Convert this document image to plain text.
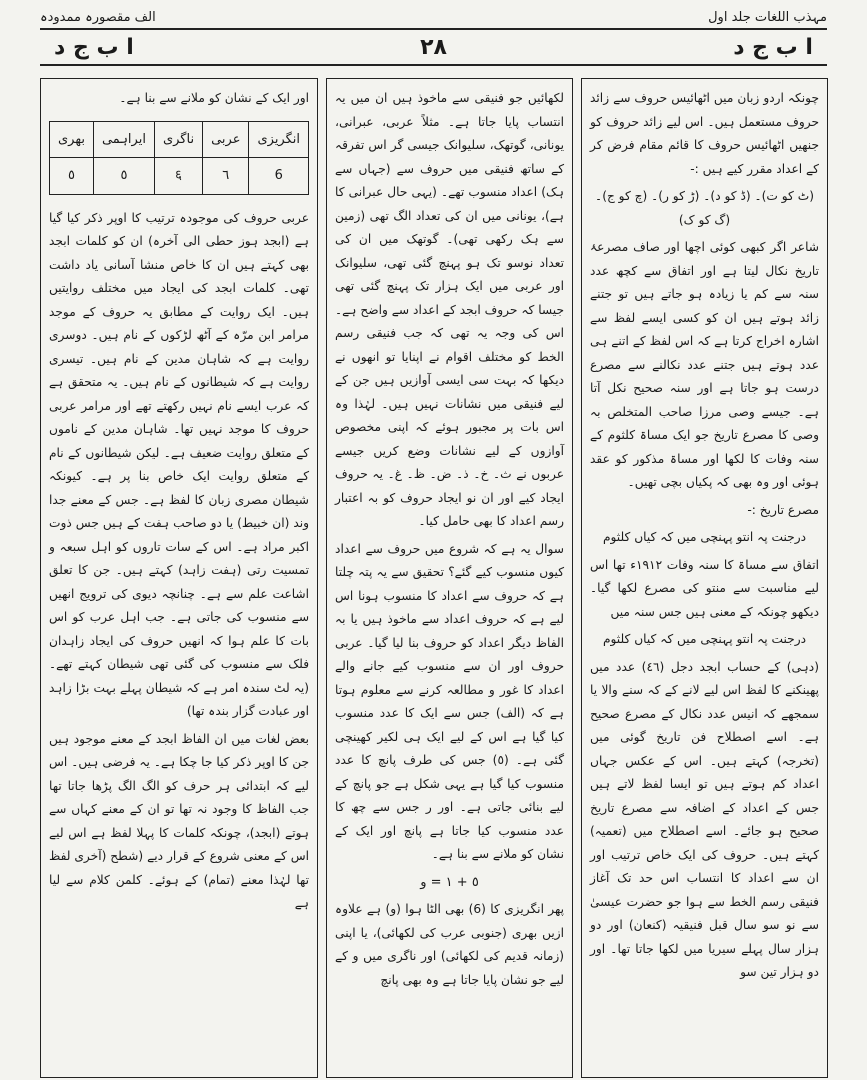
الف مقصورہ ممدودہ	مہذب اللغات جلد اول
ا ب ج د	٢٨	ا ب ج د

چونکہ اردو زبان میں اٹھائیس حروف سے زائد حروف مستعمل ہیں۔ اس لیے زائد حروف کو جنھیں اٹھائیس حروف کا قائم مقام فرض کر کے اعداد مقرر کیے ہیں :-

(ٹ کو ت)۔ (ڈ کو د)۔ (ڑ کو ر)۔ (چ کو ج)۔ (گ کو ک)

شاعر اگر کبھی کوئی اچھا اور صاف مصرعۂ تاریخ نکال لیتا ہے اور اتفاق سے کچھ عدد سنہ سے کم یا زیادہ ہو جاتے ہیں تو جتنے زائد ہوتے ہیں ان کو کسی ایسے لفظ سے اشارہ اخراج کرتا ہے کہ اس لفظ کے اتنے ہی عدد ہوتے ہیں جتنے عدد نکالنے سے مصرع درست ہو جاتا ہے اور سنہ صحیح نکل آتا ہے۔ جیسے وصی مرزا صاحب المتخلص بہ وصی کا مصرع تاریخ جو ایک مساۃ کلثوم کے سنہ وفات کا لکھا اور مساۃ مذکور کو عقد ہوئی اور وہ بھی کہ پکیاں بچی تھیں۔

مصرع تاریخ :-

درجنت پہ انتو پہنچی میں کہ کیاں کلثوم

اتفاق سے مساۃ کا سنہ وفات ١٩١٢ء تھا اس لیے مناسبت سے منتو کی مصرع لکھا گیا۔ دیکھو چونکہ کے معنی ہیں جس سنہ میں

درجنت پہ انتو پہنچی میں کہ کیاں کلثوم

(دہی) کے حساب ابجد دجل (٤٦) عدد میں پھینکنے کا لفظ اس لیے لانے کے کہ سنے والا یا سمجھے کہ انیس عدد نکال کے مصرع صحیح ہے۔ اسے اصطلاح فن تاریخ گوئی میں (تخرجہ) کہتے ہیں۔ اس کے عکس جہاں اعداد کم ہوتے ہیں تو ایسا لفظ لاتے ہیں جس کے اعداد کے اضافہ سے مصرع تاریخ صحیح ہو جائے۔ اسے اصطلاح میں (تعمیہ) کہتے ہیں۔ حروف کی ایک خاص ترتیب اور ان سے اعداد کا انتساب اس حد تک آغاز فنیقی رسم الخط سے ہوا جو حضرت عیسیٰ سے نو سو سال قبل فنیقیہ (کنعان) اور دو ہزار سال پہلے سیریا میں لکھا جاتا تھا۔ اور دو ہزار تین سو

لکھائیں جو فنیقی سے ماخوذ ہیں ان میں یہ انتساب پایا جاتا ہے۔ مثلاً عربی، عبرانی، یونانی، گوتھک، سلیوانک جیسی گر اس تفرقہ کے ساتھ فنیقی میں حروف سے (جہاں سے ہک) اعداد منسوب تھے۔ (یہی حال عبرانی کا ہے)، یونانی میں ان کی تعداد الگ تھی (زمین سے ہک رکھی تھی)۔ گوتھک میں ان کی تعداد نوسو تک ہو پہنچ گئی تھی، سلیوانک اور عربی میں ایک ہزار تک پہنچ گئی تھی جیسا کہ حروف ابجد کے اعداد سے واضح ہے۔ اس کی وجہ یہ تھی کہ جب فنیقی رسم الخط کو مختلف اقوام نے اپنایا تو انھوں نے دیکھا کہ بہت سی ایسی آوازیں ہیں جن کے لیے فنیقی میں نشانات نہیں ہیں۔ لہٰذا وہ اس بات پر مجبور ہوئے کہ اپنی مخصوص آوازوں کے لیے نشانات وضع کریں جیسے عربوں نے ث۔ خ۔ ذ۔ ض۔ ظ۔ غ۔ یہ حروف ایجاد کیے اور ان نو ایجاد حروف کو بہ اعتبار رسم اعداد کا بھی حامل کیا۔

سوال یہ ہے کہ شروع میں حروف سے اعداد کیوں منسوب کیے گئے؟ تحقیق سے یہ پتہ چلتا ہے کہ حروف سے اعداد کا منسوب ہونا اس لیے ہے کہ حروف اعداد سے ماخوذ ہیں یا بہ الفاظ دیگر اعداد کو حروف بنا لیا گیا۔ عربی حروف اور ان سے منسوب کیے جانے والے اعداد کا غور و مطالعہ کرنے سے معلوم ہوتا ہے کہ (الف) جس سے ایک کا عدد منسوب کیا گیا ہے اس کے لیے ایک ہی لکیر کھینچی گئی ہے۔ (٥) جس کی طرف پانچ کا عدد منسوب کیا گیا ہے یہی شکل ہے جو پانچ کے لیے بنائی جاتی ہے۔ اور ر جس سے چھ کا عدد منسوب کیا جاتا ہے پانچ اور ایک کے نشان کو ملانے سے بنا ہے۔

٥ + ١ = و

پھر انگریزی کا (6) بھی الٹا ہوا (و) ہے علاوہ ازیں بھری (جنوبی عرب کی لکھائی)، یا اپنی (زمانہ قدیم کی لکھائی) اور ناگری میں و کے لیے جو نشان پایا جاتا ہے وہ بھی پانچ

اور ایک کے نشان کو ملانے سے بنا ہے۔

انگریزی	عربی	ناگری	ایراہمی	بھری
6	٦	६	٥	٥

عربی حروف کی موجودہ ترتیب کا اوپر ذکر کیا گیا ہے (ابجد ہوز حطی الی آخرہ) ان کو کلمات ابجد بھی کہتے ہیں ان کا خاص منشا آسانی یاد داشت تھی۔ کلمات ابجد کی ایجاد میں مختلف روایتیں ہیں۔ ایک روایت کے مطابق یہ حروف کے موجد مرامر ابن مرّہ کے آٹھ لڑکوں کے نام ہیں۔ دوسری روایت ہے کہ شاہان مدین کے نام ہیں۔ تیسری روایت ہے کہ شیطانوں کے نام ہیں۔ یہ متحقق ہے کہ عرب ایسے نام نہیں رکھتے تھے اور مرامر عربی حروف کا موجد نہیں تھا۔ شاہان مدین کے ناموں کے متعلق روایت ضعیف ہے۔ لیکن شیطانوں کے نام کے متعلق روایت ایک خاص بنا پر ہے۔ کیونکہ شیطان مصری زبان کا لفظ ہے۔ جس کے معنے جدا وند (ان خبیط) یا دو صاحب ہفت کے ہیں جس ذوت اکبر مراد ہے۔ اس کے سات تاروں کو اہل سبعہ و تمسیت رتی (ہفت زاہد) کہتے ہیں۔ جن کا تعلق اشاعت علم سے ہے۔ چنانچہ دیوی کی ترویج انھیں سے منسوب کی جاتی ہے۔ جب اہل عرب کو اس بات کا علم ہوا کہ انھیں حروف کی ایجاد زاہدان فلک سے منسوب کی گئی تھی شیطان کہتے تھے۔ (یہ لٹ سندہ امر ہے کہ شیطان پہلے بہت بڑا زاہد اور عبادت گزار بندہ تھا)

بعض لغات میں ان الفاظ ابجد کے معنے موجود ہیں جن کا اوپر ذکر کیا جا چکا ہے۔ یہ فرضی ہیں۔ اس لیے کہ ابتدائی ہر حرف کو الگ الگ پڑھا جاتا تھا جب الفاظ کا وجود نہ تھا تو ان کے معنے کہاں سے ہوتے (ابجد)، چونکہ کلمات کا پہلا لفظ ہے اس لیے اس کے معنی شروع کے قرار دیے (شطح (آخری لفظ تھا لہٰذا معنے (تمام) کے ہوئے۔ کلمن کلام سے لیا ہے
